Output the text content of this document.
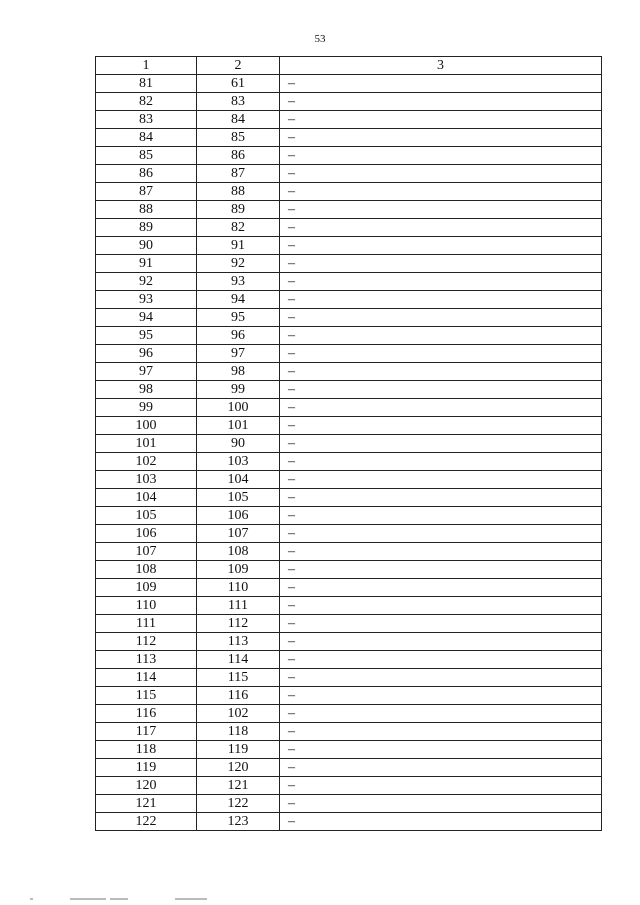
53
1	2	3
81	61	–
82	83	–
83	84	–
84	85	–
85	86	–
86	87	–
87	88	–
88	89	–
89	82	–
90	91	–
91	92	–
92	93	–
93	94	–
94	95	–
95	96	–
96	97	–
97	98	–
98	99	–
99	100	–
100	101	–
101	90	–
102	103	–
103	104	–
104	105	–
105	106	–
106	107	–
107	108	–
108	109	–
109	110	–
110	111	–
111	112	–
112	113	–
113	114	–
114	115	–
115	116	–
116	102	–
117	118	–
118	119	–
119	120	–
120	121	–
121	122	–
122	123	–
